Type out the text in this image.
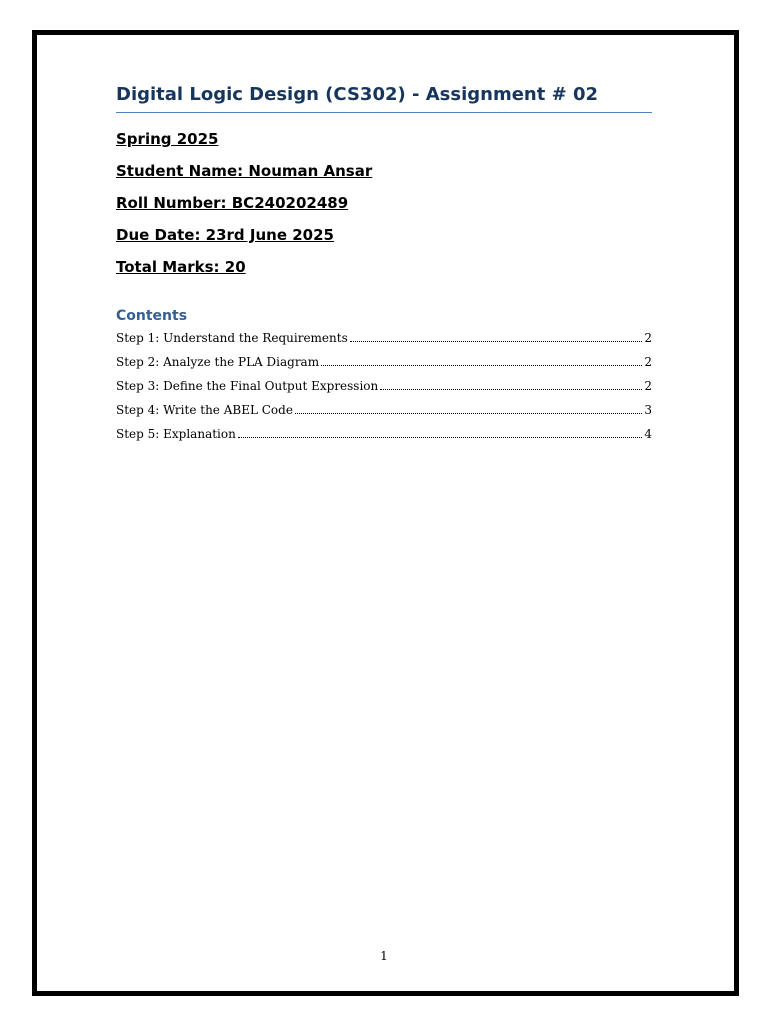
Digital Logic Design (CS302) - Assignment # 02

Spring 2025

Student Name: Nouman Ansar

Roll Number: BC240202489

Due Date: 23rd June 2025

Total Marks: 20

Contents
Step 1: Understand the Requirements	2
Step 2: Analyze the PLA Diagram	2
Step 3: Define the Final Output Expression	2
Step 4: Write the ABEL Code	3
Step 5: Explanation	4

1
